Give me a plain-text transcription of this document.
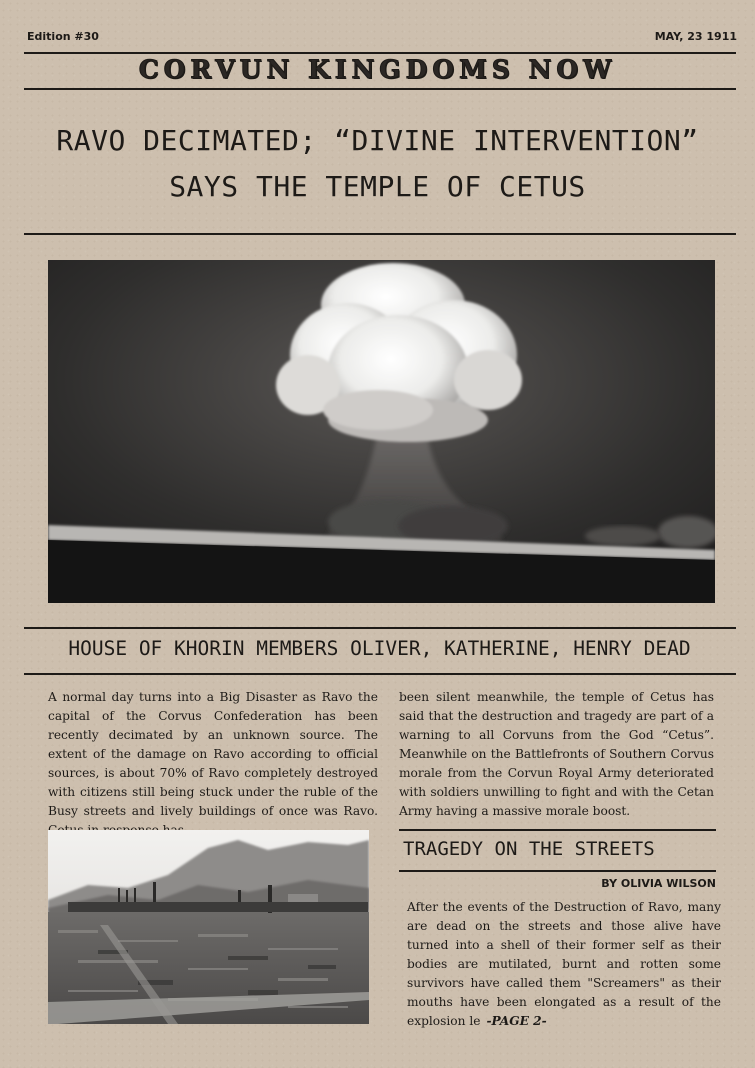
Edition #30	MAY, 23 1911
CORVUN KINGDOMS NOW
RAVO DECIMATED; “DIVINE INTERVENTION”
SAYS THE TEMPLE OF CETUS
HOUSE OF KHORIN MEMBERS OLIVER, KATHERINE, HENRY DEAD
A normal day turns into a Big Disaster as Ravo the capital of the Corvus Confederation has been recently decimated by an unknown source. The extent of the damage on Ravo according to official sources, is about 70% of Ravo completely destroyed with citizens still being stuck under the ruble of the Busy streets and lively buildings of once was Ravo.
been silent meanwhile, the temple of Cetus has said that the destruction and tragedy are part of a warning to all Corvuns from the God “Cetus”. Meanwhile on the Battlefronts of Southern Corvus morale from the Corvun Royal Army deteriorated with soldiers unwilling to fight and with the Cetan Army having a massive morale boost.
TRAGEDY ON THE STREETS
BY OLIVIA WILSON
After the events of the Destruction of Ravo, many are dead on the streets and those alive have turned into a shell of their former self as their bodies are mutilated, burnt and rotten some survivors have called them "Screamers" as their mouths have been elongated as a result of the explosion le -PAGE 2-
